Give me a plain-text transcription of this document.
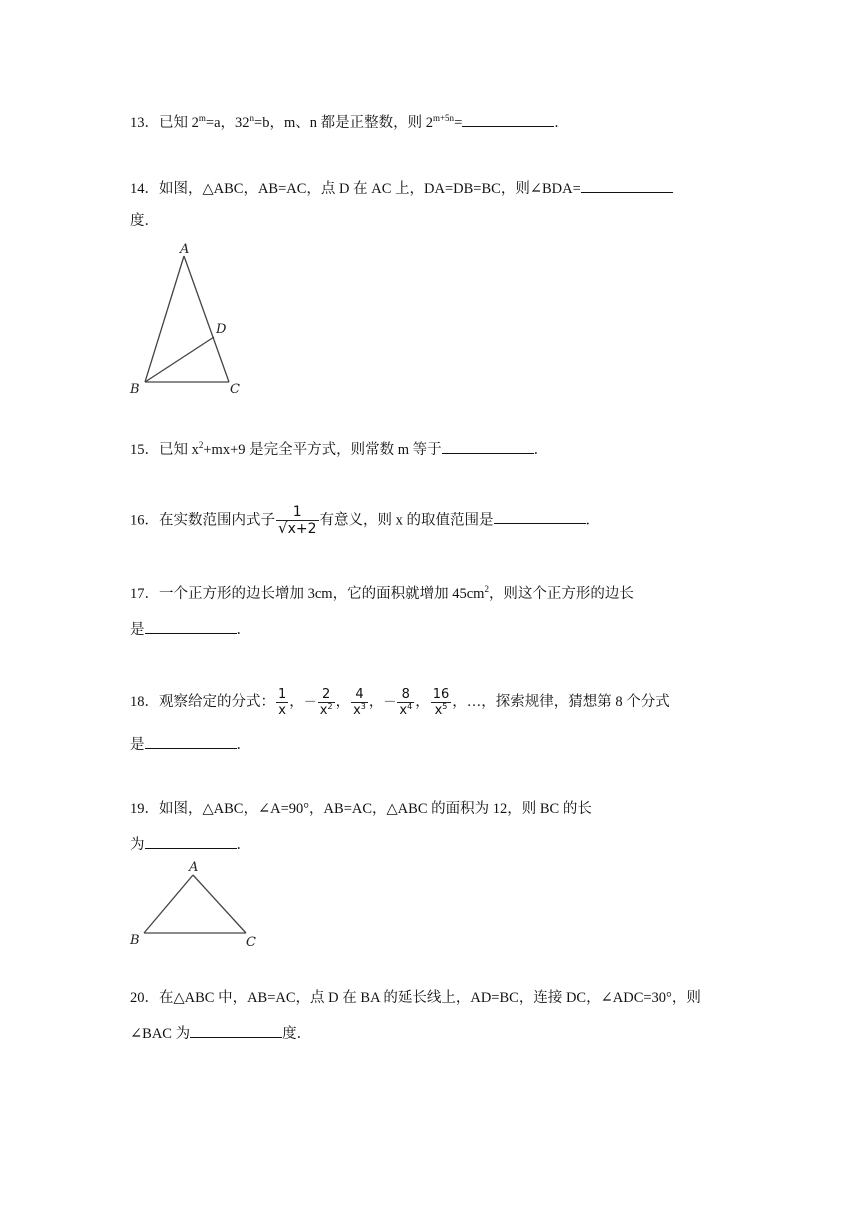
13．已知 $2^m=a$，$32^n=b$，m、n 都是正整数，则 $2^{m+5n}=$	．
14．如图，△ABC，AB=AC，点 D 在 AC 上，DA=DB=BC，则∠BDA=
度．
A
B	C
D
15．已知 $x^2+mx+9$ 是完全平方式，则常数 m 等于	．
16．在实数范围内式子 $\frac{1}{√x+2}$ 有意义，则 x 的取值范围是	．
17．一个正方形的边长增加 3cm，它的面积就增加 $45cm^2$，则这个正方形的边长
是	．
18．观察给定的分式： $\frac{1}{x}$ ，－ $\frac{2}{x^2}$ ， $\frac{4}{x^3}$ ，－ $\frac{8}{x^4}$ ， $\frac{16}{x^5}$ ，…，探索规律，猜想第 8 个分式
是	．
19．如图，△ABC，∠A=90°，AB=AC，△ABC 的面积为 12，则 BC 的长
为	．
A
B	C
20．在△ABC 中，AB=AC，点 D 在 BA 的延长线上，AD=BC，连接 DC，∠ADC=30°，则
∠BAC 为	度．
